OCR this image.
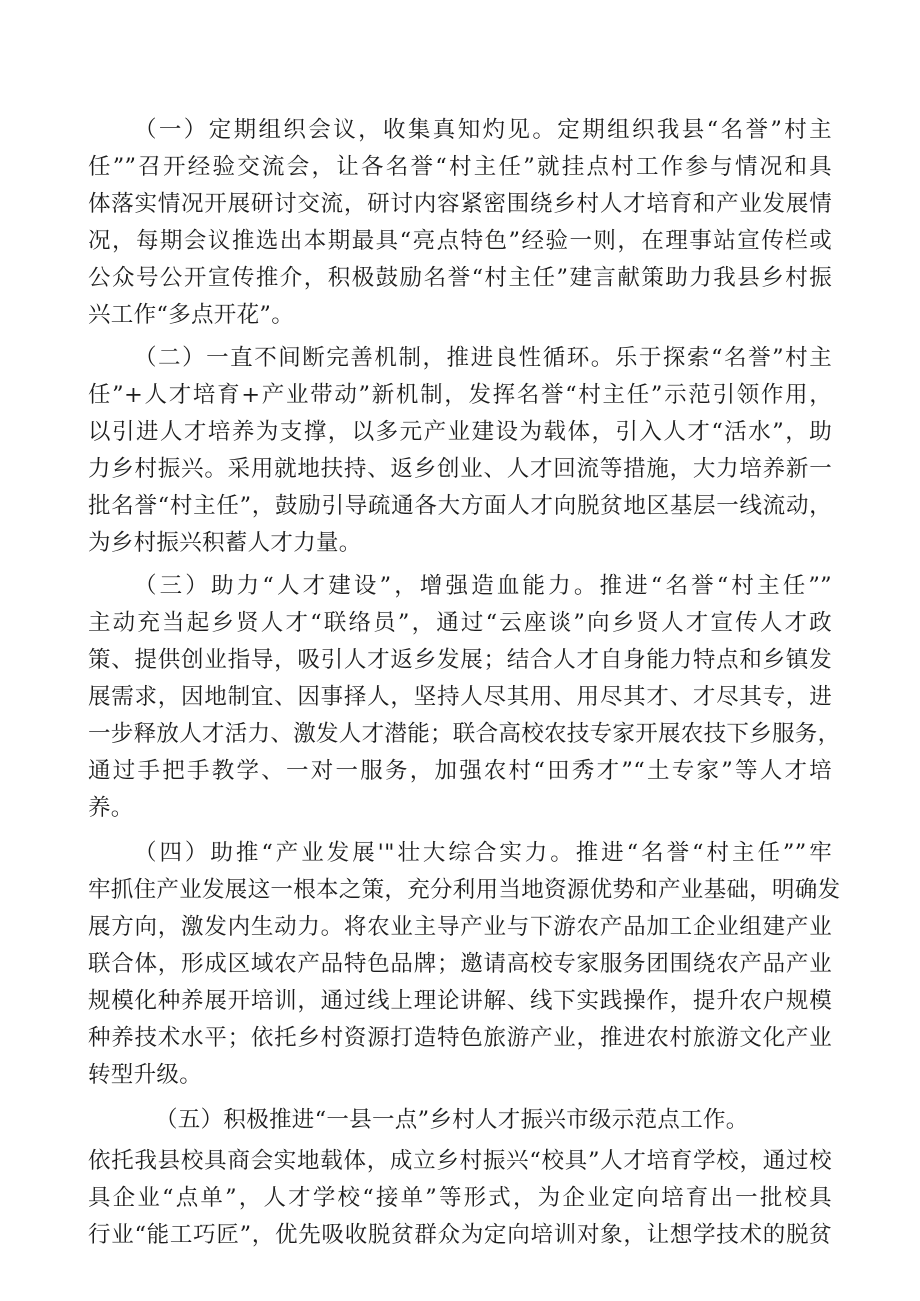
（一）定期组织会议，收集真知灼见。定期组织我县“名誉”村主
任””召开经验交流会，让各名誉“村主任”就挂点村工作参与情况和具
体落实情况开展研讨交流，研讨内容紧密围绕乡村人才培育和产业发展情
况，每期会议推选出本期最具“亮点特色”经验一则，在理事站宣传栏或
公众号公开宣传推介，积极鼓励名誉“村主任”建言献策助力我县乡村振
兴工作“多点开花”。
（二）一直不间断完善机制，推进良性循环。乐于探索“名誉”村主
任”+人才培育+产业带动”新机制，发挥名誉“村主任”示范引领作用，
以引进人才培养为支撑，以多元产业建设为载体，引入人才“活水”，助
力乡村振兴。采用就地扶持、返乡创业、人才回流等措施，大力培养新一
批名誉“村主任”，鼓励引导疏通各大方面人才向脱贫地区基层一线流动，
为乡村振兴积蓄人才力量。
（三）助力“人才建设”，增强造血能力。推进“名誉“村主任””
主动充当起乡贤人才“联络员”，通过“云座谈”向乡贤人才宣传人才政
策、提供创业指导，吸引人才返乡发展；结合人才自身能力特点和乡镇发
展需求，因地制宜、因事择人，坚持人尽其用、用尽其才、才尽其专，进
一步释放人才活力、激发人才潜能；联合高校农技专家开展农技下乡服务，
通过手把手教学、一对一服务，加强农村“田秀才”“土专家”等人才培
养。
（四）助推“产业发展'"壮大综合实力。推进“名誉“村主任””牢
牢抓住产业发展这一根本之策，充分利用当地资源优势和产业基础，明确发
展方向，激发内生动力。将农业主导产业与下游农产品加工企业组建产业
联合体，形成区域农产品特色品牌；邀请高校专家服务团围绕农产品产业
规模化种养展开培训，通过线上理论讲解、线下实践操作，提升农户规模
种养技术水平；依托乡村资源打造特色旅游产业，推进农村旅游文化产业
转型升级。
（五）积极推进“一县一点”乡村人才振兴市级示范点工作。
依托我县校具商会实地载体，成立乡村振兴“校具”人才培育学校，通过校
具企业“点单”，人才学校“接单”等形式，为企业定向培育出一批校具
行业“能工巧匠”，优先吸收脱贫群众为定向培训对象，让想学技术的脱贫
